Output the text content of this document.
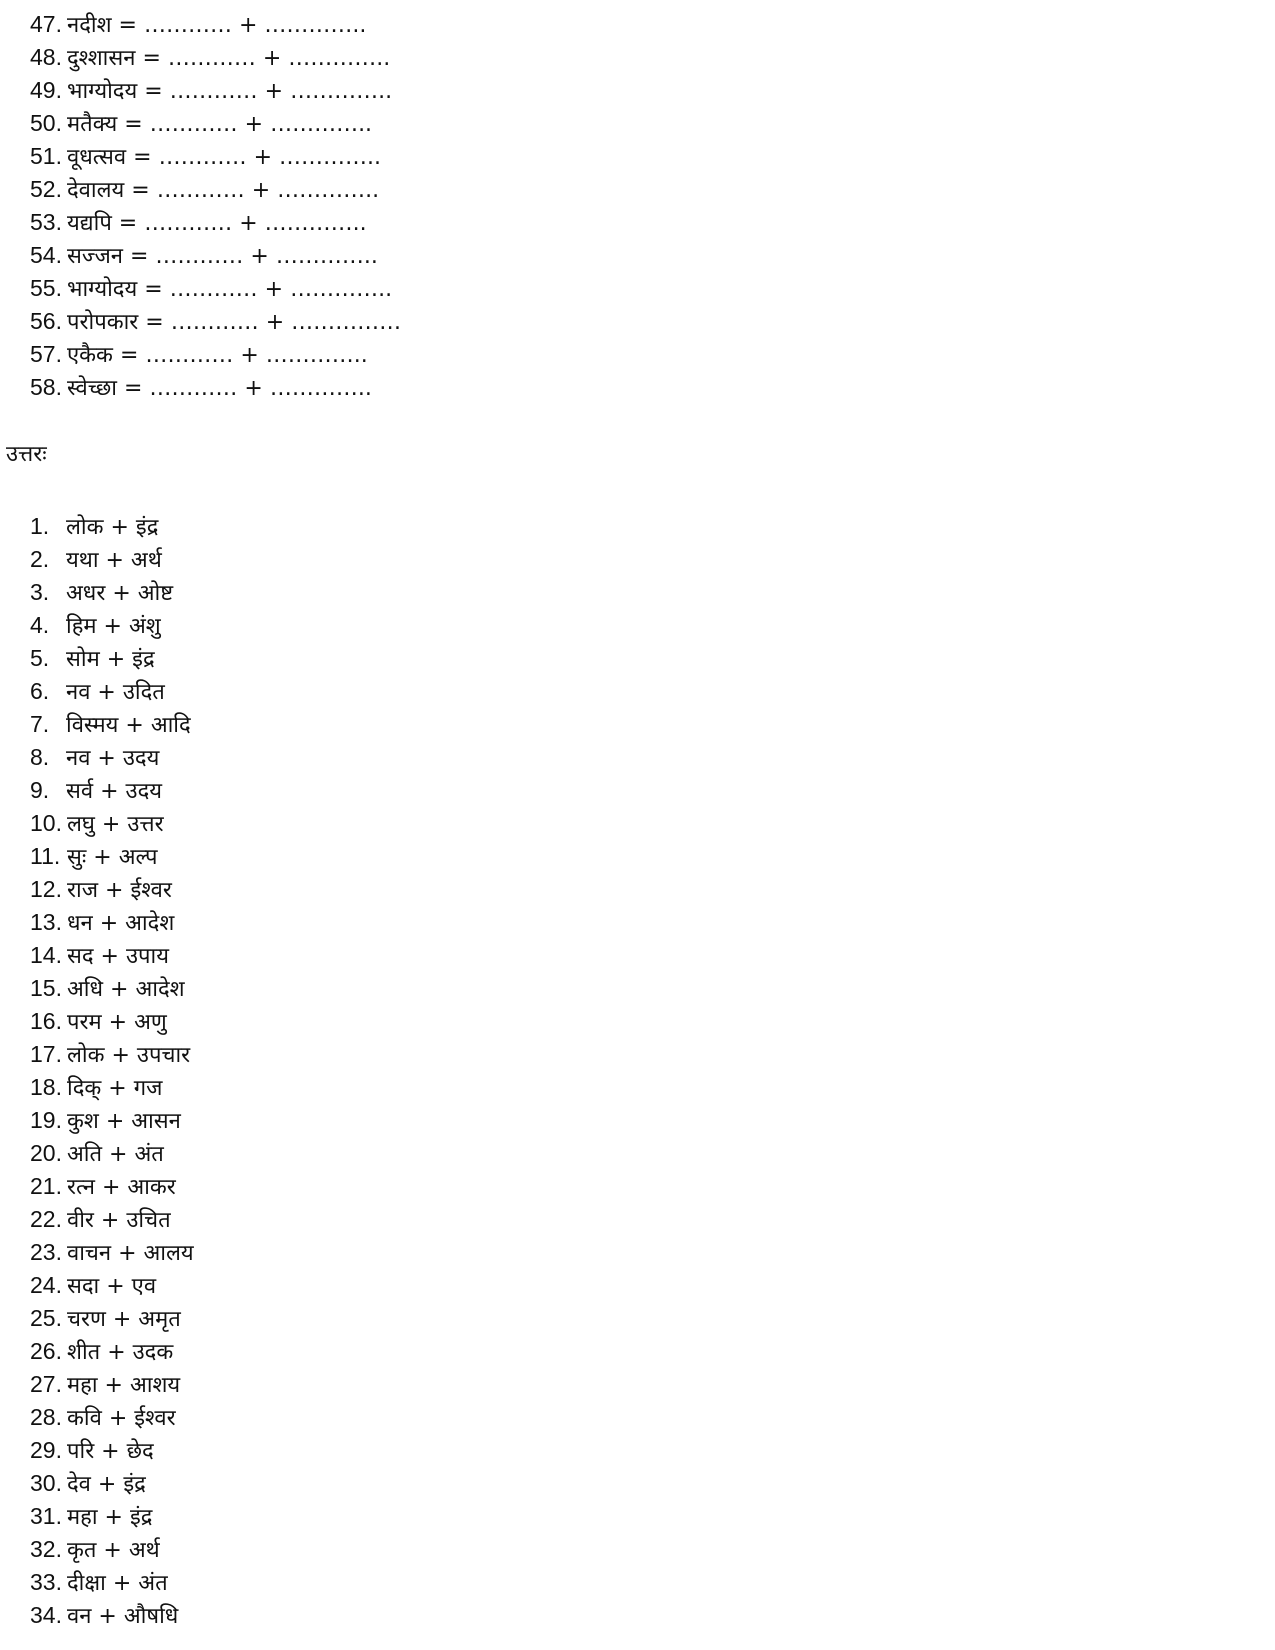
47. नदीश = ………… + …………..
48. दुश्शासन = ………… + …………..
49. भाग्योदय = ………… + …………..
50. मतैक्य = ………… + …………..
51. वूधत्सव = ………… + …………..
52. देवालय = ………… + …………..
53. यद्यपि = ………… + …………..
54. सज्जन = ………… + …………..
55. भाग्योदय = ………… + …………..
56. परोपकार = ………… + ……………
57. एकैक = ………… + …………..
58. स्वेच्छा = ………… + …………..
उत्तरः
1. लोक + इंद्र
2. यथा + अर्थ
3. अधर + ओष्ट
4. हिम + अंशु
5. सोम + इंद्र
6. नव + उदित
7. विस्मय + आदि
8. नव + उदय
9. सर्व + उदय
10. लघु + उत्तर
11. सुः + अल्प
12. राज + ईश्वर
13. धन + आदेश
14. सद + उपाय
15. अधि + आदेश
16. परम + अणु
17. लोक + उपचार
18. दिक् + गज
19. कुश + आसन
20. अति + अंत
21. रत्न + आकर
22. वीर + उचित
23. वाचन + आलय
24. सदा + एव
25. चरण + अमृत
26. शीत + उदक
27. महा + आशय
28. कवि + ईश्वर
29. परि + छेद
30. देव + इंद्र
31. महा + इंद्र
32. कृत + अर्थ
33. दीक्षा + अंत
34. वन + औषधि
